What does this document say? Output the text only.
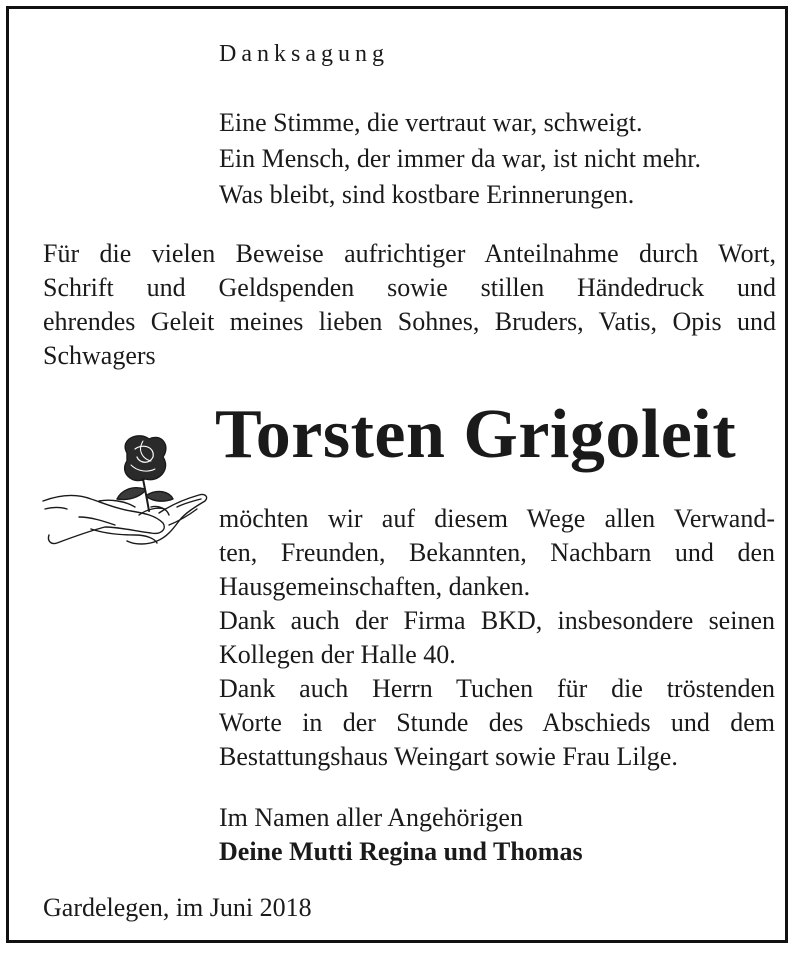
Danksagung

Eine Stimme, die vertraut war, schweigt.
Ein Mensch, der immer da war, ist nicht mehr.
Was bleibt, sind kostbare Erinnerungen.
Für die vielen Beweise aufrichtiger Anteilnahme durch Wort,
Schrift und Geldspenden sowie stillen Händedruck und
ehrendes Geleit meines lieben Sohnes, Bruders, Vatis, Opis und
Schwagers

Torsten Grigoleit

möchten wir auf diesem Wege allen Verwand-
ten, Freunden, Bekannten, Nachbarn und den
Hausgemeinschaften, danken.
Dank auch der Firma BKD, insbesondere seinen
Kollegen der Halle 40.
Dank auch Herrn Tuchen für die tröstenden
Worte in der Stunde des Abschieds und dem
Bestattungshaus Weingart sowie Frau Lilge.
Im Namen aller Angehörigen
Deine Mutti Regina und Thomas

Gardelegen, im Juni 2018
